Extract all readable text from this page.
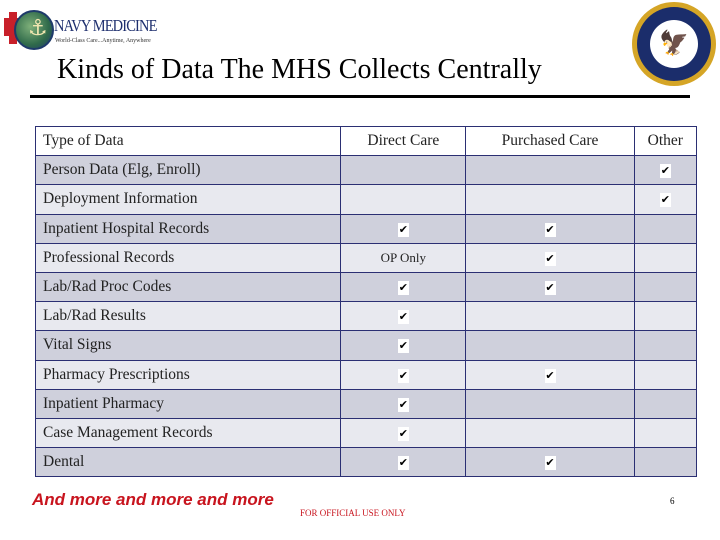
⚓ NAVY MEDICINE
World-Class Care...Anytime, Anywhere	🦅
Kinds of Data The MHS Collects Centrally
Type of Data	Direct Care	Purchased Care	Other
Person Data (Elg, Enroll)			✔
Deployment Information			✔
Inpatient Hospital Records	✔	✔	
Professional Records	OP Only	✔	
Lab/Rad Proc Codes	✔	✔	
Lab/Rad Results	✔		
Vital Signs	✔		
Pharmacy Prescriptions	✔	✔	
Inpatient Pharmacy	✔		
Case Management Records	✔		
Dental	✔	✔	
And more and more and more
FOR OFFICIAL USE ONLY
6
